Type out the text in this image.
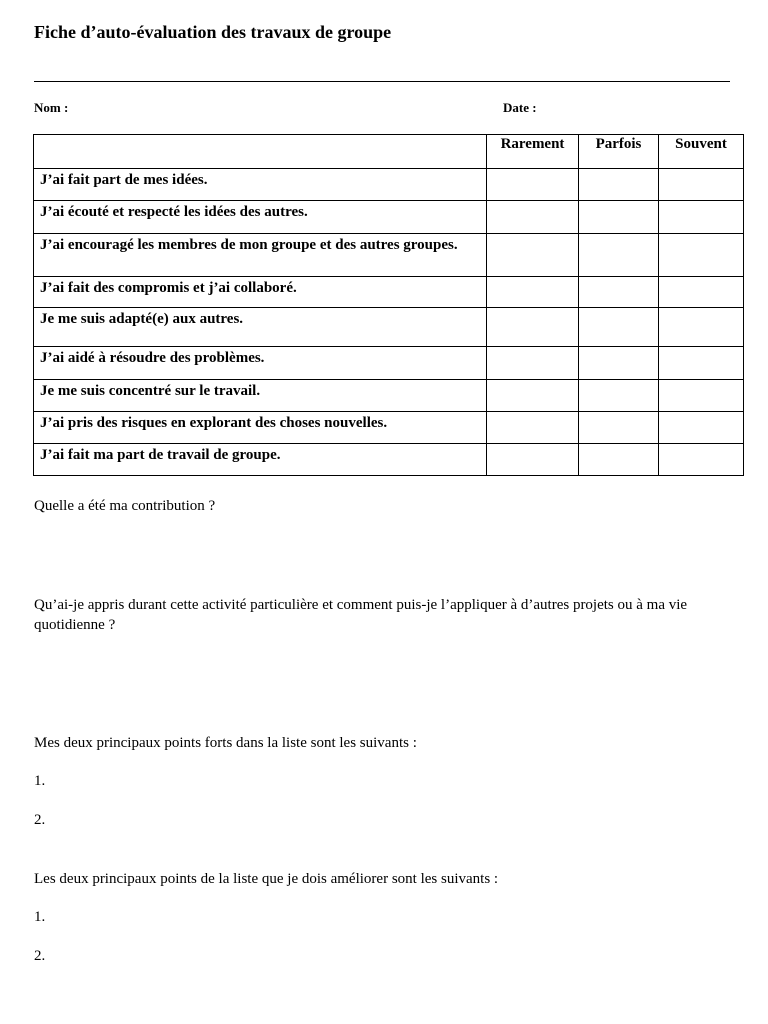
Fiche d’auto-évaluation des travaux de groupe
Nom :	Date :
	Rarement	Parfois	Souvent
J’ai fait part de mes idées.			
J’ai écouté et respecté les idées des autres.			
J’ai encouragé les membres de mon groupe et des autres groupes.			
J’ai fait des compromis et j’ai collaboré.			
Je me suis adapté(e) aux autres.			
J’ai aidé à résoudre des problèmes.			
Je me suis concentré sur le travail.			
J’ai pris des risques en explorant des choses nouvelles.			
J’ai fait ma part de travail de groupe.			

Quelle a été ma contribution ?

Qu’ai-je appris durant cette activité particulière et comment puis-je l’appliquer à d’autres projets ou à ma vie quotidienne ?

Mes deux principaux points forts dans la liste sont les suivants :

1.

2.

Les deux principaux points de la liste que je dois améliorer sont les suivants :

1.

2.
